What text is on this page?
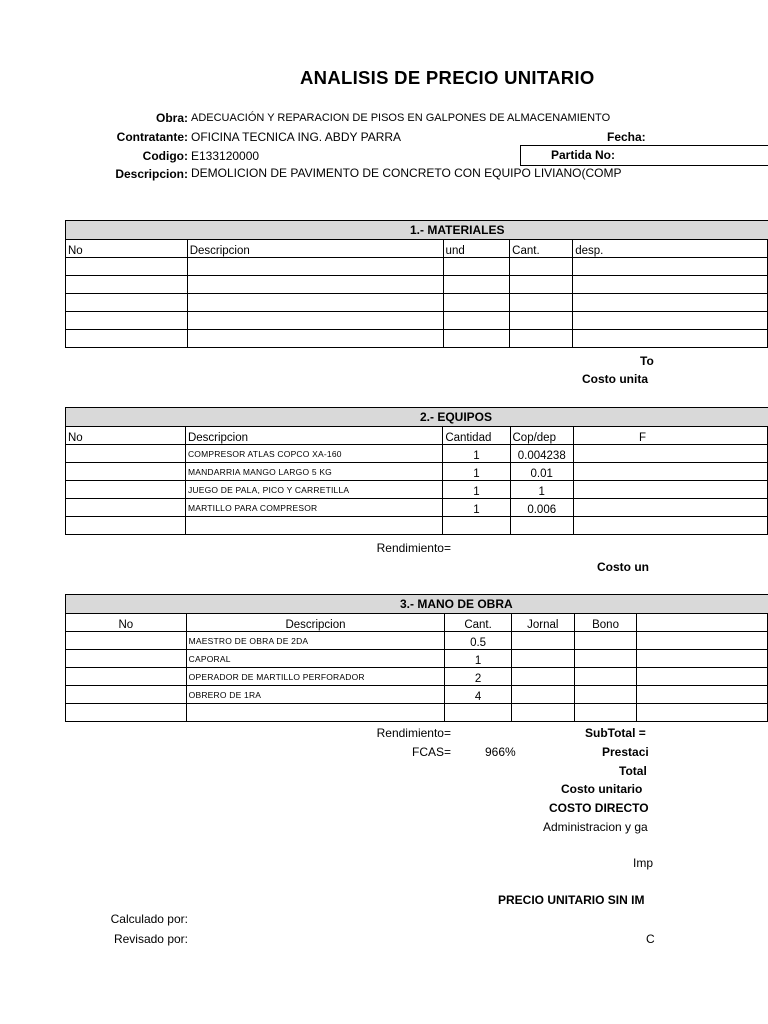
ANALISIS DE PRECIO UNITARIO
Obra: ADECUACIÓN Y REPARACION DE PISOS EN GALPONES DE ALMACENAMIENTO
Contratante: OFICINA TECNICA ING. ABDY PARRA	Fecha:
Codigo: E133120000	Partida No:
Descripcion: DEMOLICION DE PAVIMENTO DE CONCRETO CON EQUIPO LIVIANO(COMP
1.- MATERIALES
No	Descripcion	und	Cant.	desp.

To
Costo unita
2.- EQUIPOS
No	Descripcion	Cantidad	Cop/dep	F
	COMPRESOR ATLAS COPCO XA-160	1	0.004238	
	MANDARRIA MANGO LARGO 5 KG	1	0.01	
	JUEGO DE PALA, PICO Y CARRETILLA	1	1	
	MARTILLO PARA COMPRESOR	1	0.006	

Rendimiento=
Costo un
3.- MANO DE OBRA
No	Descripcion	Cant.	Jornal	Bono	
	MAESTRO DE OBRA DE 2DA	0.5			
	CAPORAL	1			
	OPERADOR DE MARTILLO PERFORADOR	2			
	OBRERO DE 1RA	4			

Rendimiento=	SubTotal =
FCAS=	966%	Prestaci
Total
Costo unitario
COSTO DIRECTO
Administracion y ga
Imp
PRECIO UNITARIO SIN IM
Calculado por:
Revisado por:	C
